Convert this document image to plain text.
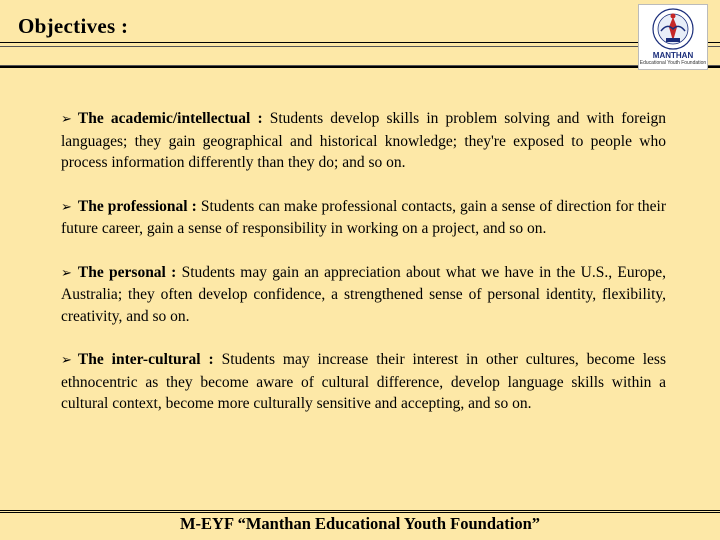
Objectives :
MANTHAN
Educational Youth Foundation
➢ The academic/intellectual : Students develop skills in problem solving and with foreign languages; they gain geographical and historical knowledge; they're exposed to people who process information differently than they do; and so on.
➢ The professional : Students can make professional contacts, gain a sense of direction for their future career, gain a sense of responsibility in working on a project, and so on.
➢ The personal : Students may gain an appreciation about what we have in the U.S., Europe, Australia; they often develop confidence, a strengthened sense of personal identity, flexibility, creativity, and so on.
➢ The inter-cultural : Students may increase their interest in other cultures, become less ethnocentric as they become aware of cultural difference, develop language skills within a cultural context, become more culturally sensitive and accepting, and so on.
M-EYF “Manthan Educational Youth Foundation”
